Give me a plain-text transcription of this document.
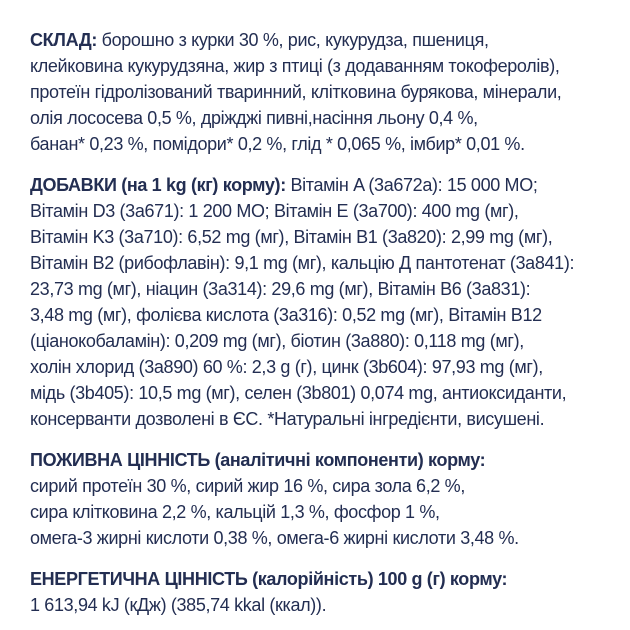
СКЛАД: борошно з курки 30 %, рис, кукурудза, пшениця,
клейковина кукурудзяна, жир з птиці (з додаванням токоферолів),
протеїн гідролізований тваринний, клітковина бурякова, мінерали,
олія лососева 0,5 %, дріжджі пивні,насіння льону 0,4 %,
банан* 0,23 %, помідори* 0,2 %, глід * 0,065 %, імбир* 0,01 %.

ДОБАВКИ (на 1 kg (кг) корму): Вітамін A (3a672a): 15 000 МО;
Вітамін D3 (3a671): 1 200 МО; Вітамін E (3a700): 400 mg (мг),
Вітамін K3 (3a710): 6,52 mg (мг), Вітамін B1 (3a820): 2,99 mg (мг),
Вітамін B2 (рибофлавін): 9,1 mg (мг), кальцію Д пантотенат (3a841):
23,73 mg (мг), ніацин (3a314): 29,6 mg (мг), Вітамін B6 (3a831):
3,48 mg (мг), фолієва кислота (3a316): 0,52 mg (мг), Вітамін B12
(ціанокобаламін): 0,209 mg (мг), біотин (3a880): 0,118 mg (мг),
холін хлорид (3a890) 60 %: 2,3 g (г), цинк (3b604): 97,93 mg (мг),
мідь (3b405): 10,5 mg (мг), селен (3b801) 0,074 mg, антиоксиданти,
консерванти дозволені в ЄС. *Натуральні інгредієнти, висушені.

ПОЖИВНА ЦІННІСТЬ (аналітичні компоненти) корму:
сирий протеїн 30 %, сирий жир 16 %, сира зола 6,2 %,
сира клітковина 2,2 %, кальцій 1,3 %, фосфор 1 %,
омега-3 жирні кислоти 0,38 %, омега-6 жирні кислоти 3,48 %.

ЕНЕРГЕТИЧНА ЦІННІСТЬ (калорійність) 100 g (г) корму:
1 613,94 kJ (кДж) (385,74 kkal (ккал)).
